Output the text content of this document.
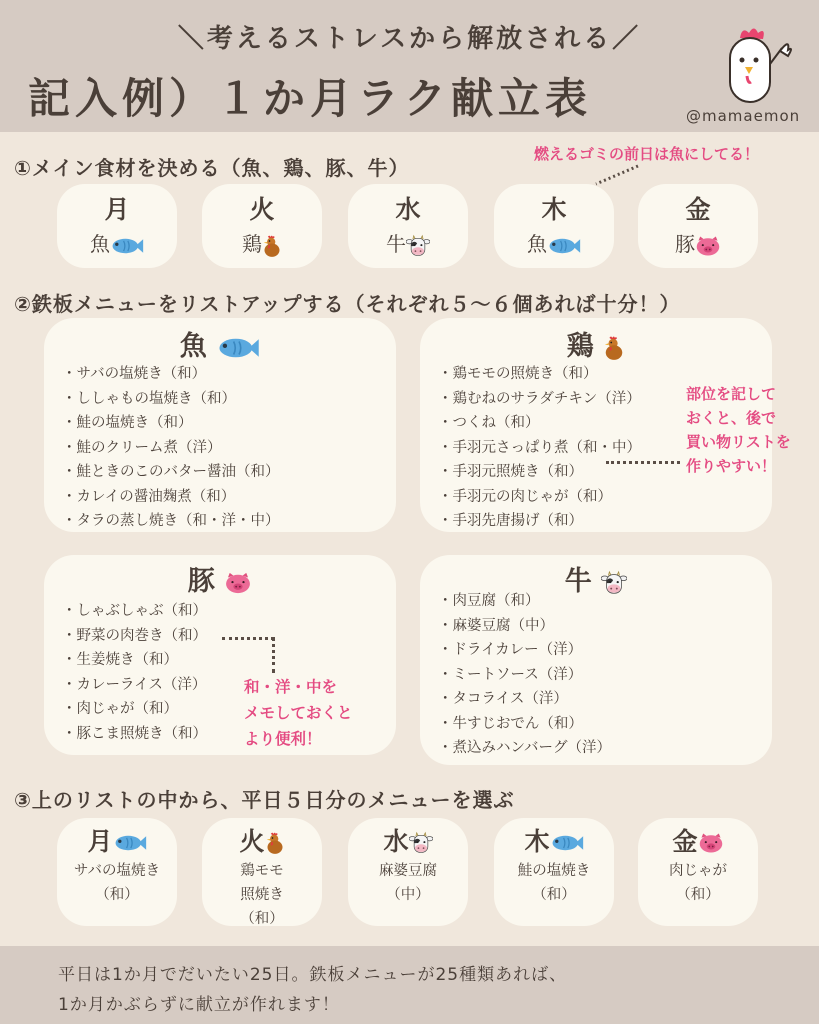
＼考えるストレスから解放される／
記入例）１か月ラク献立表	@mamaemon
①メイン食材を決める（魚、鶏、豚、牛）
燃えるゴミの前日は魚にしてる！
月
魚
火
鶏
水
牛
木
魚
金
豚
②鉄板メニューをリストアップする（それぞれ５〜６個あれば十分！）
魚
・サバの塩焼き（和）
・ししゃもの塩焼き（和）
・鮭の塩焼き（和）
・鮭のクリーム煮（洋）
・鮭ときのこのバター醤油（和）
・カレイの醤油麹煮（和）
・タラの蒸し焼き（和・洋・中）
鶏
・鶏モモの照焼き（和）
・鶏むねのサラダチキン（洋）
・つくね（和）
・手羽元さっぱり煮（和・中）
・手羽元照焼き（和）
・手羽元の肉じゃが（和）
・手羽先唐揚げ（和）
部位を記して
おくと、後で
買い物リストを
作りやすい！
豚
・しゃぶしゃぶ（和）
・野菜の肉巻き（和）
・生姜焼き（和）
・カレーライス（洋）
・肉じゃが（和）
・豚こま照焼き（和）
牛
・肉豆腐（和）
・麻婆豆腐（中）
・ドライカレー（洋）
・ミートソース（洋）
・タコライス（洋）
・牛すじおでん（和）
・煮込みハンバーグ（洋）
和・洋・中を
メモしておくと
より便利！
③上のリストの中から、平日５日分のメニューを選ぶ
月
サバの塩焼き
（和）
火
鶏モモ
照焼き
（和）
水
麻婆豆腐
（中）
木
鮭の塩焼き
（和）
金
肉じゃが
（和）

平日は1か月でだいたい25日。鉄板メニューが25種類あれば、

1か月かぶらずに献立が作れます！
